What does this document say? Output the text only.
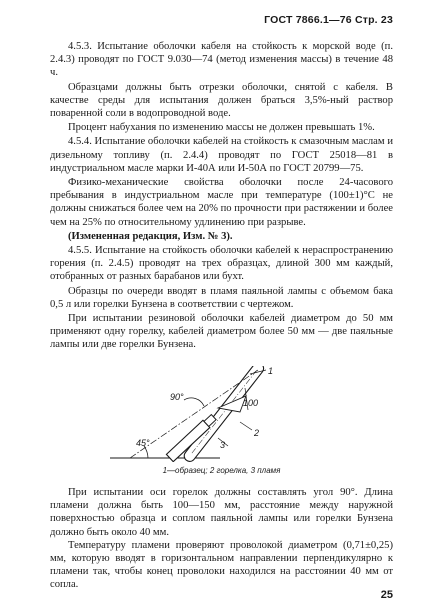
ГОСТ 7866.1—76 Стр. 23

4.5.3. Испытание оболочки кабеля на стойкость к морской воде (п. 2.4.3) проводят по ГОСТ 9.030—74 (метод изменения массы) в течение 48 ч.

Образцами должны быть отрезки оболочки, снятой с кабеля. В качестве среды для испытания должен браться 3,5%-ный раствор поваренной соли в водопроводной воде.

Процент набухания по изменению массы не должен превышать 1%.

4.5.4. Испытание оболочки кабелей на стойкость к смазочным маслам и дизельному топливу (п. 2.4.4) проводят по ГОСТ 25018—81 в индустриальном масле марки И-40А или И-50А по ГОСТ 20799—75.

Физико-механические свойства оболочки после 24-часового пребывания в индустриальном масле при температуре (100±1)°С не должны снижаться более чем на 20% по прочности при растяжении и более чем на 25% по относительному удлинению при разрыве.

(Измененная редакция, Изм. № 3).

4.5.5. Испытание на стойкость оболочки кабелей к нераспространению горения (п. 2.4.5) проводят на трех образцах, длиной 300 мм каждый, отобранных от разных барабанов или бухт.

Образцы по очереди вводят в пламя паяльной лампы с объемом бака 0,5 л или горелки Бунзена в соответствии с чертежом.

При испытании резиновой оболочки кабелей диаметром до 50 мм применяют одну горелку, кабелей диаметром более 50 мм — две паяльные лампы или две горелки Бунзена.

1
2
3
100
90°
45°
1—образец; 2 горелка, 3 пламя

При испытании оси горелок должны составлять угол 90°. Длина пламени должна быть 100—150 мм, расстояние между наружной поверхностью образца и соплом паяльной лампы или горелки Бунзена должно быть около 40 мм.

Температуру пламени проверяют проволокой диаметром (0,71±0,25) мм, которую вводят в горизонтальном направлении перпендикулярно к пламени так, чтобы конец проволоки находился на расстоянии 40 мм от сопла.

25
